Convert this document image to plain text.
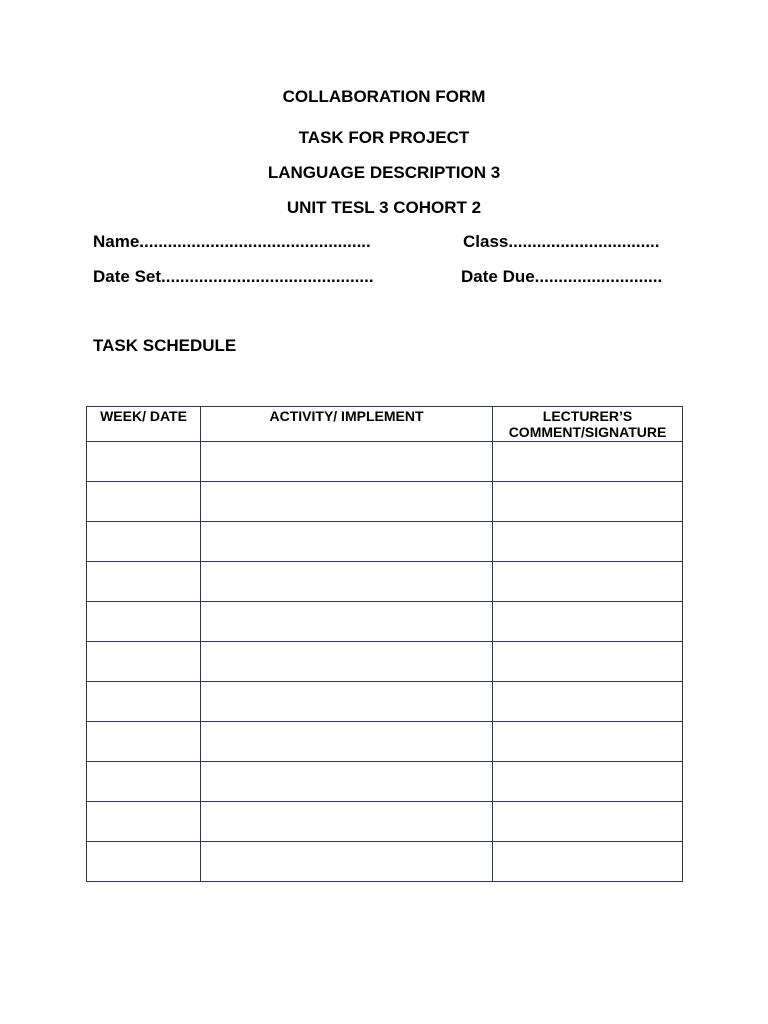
COLLABORATION FORM
TASK FOR PROJECT
LANGUAGE DESCRIPTION 3
UNIT TESL 3 COHORT 2
Name.................................................	Class................................
Date Set.............................................	Date Due...........................
TASK SCHEDULE
WEEK/ DATE	ACTIVITY/ IMPLEMENT	LECTURER’S
COMMENT/SIGNATURE
